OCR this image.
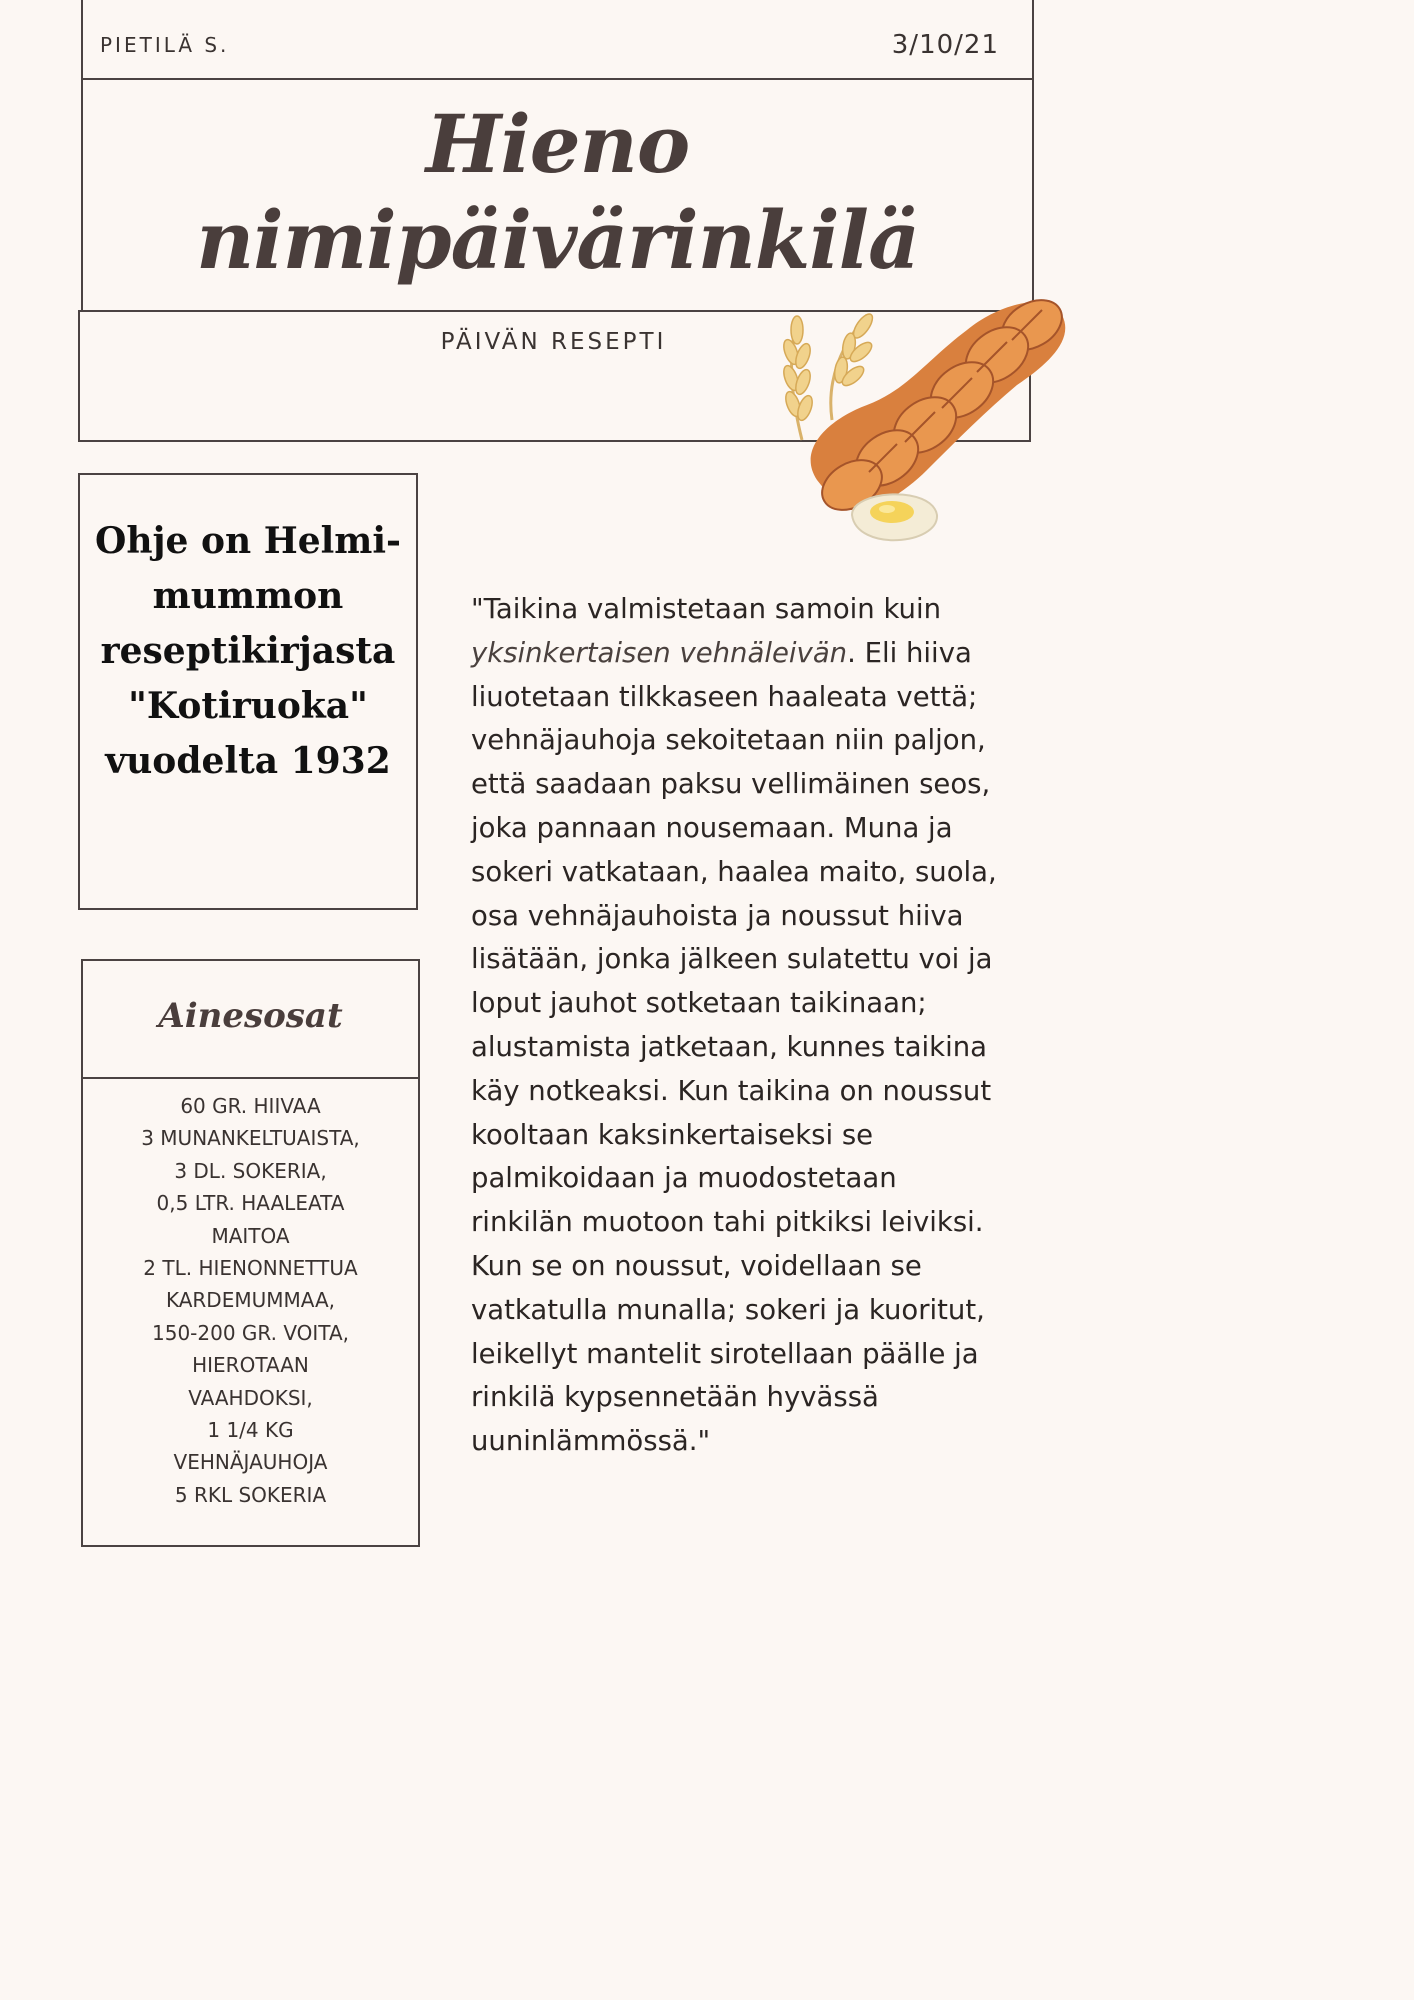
PIETILÄ S.	3/10/21
Hieno
nimipäivärinkilä
PÄIVÄN RESEPTI
Ohje on Helmi-mummon reseptikirjasta "Kotiruoka" vuodelta 1932
Ainesosat
60 GR. HIIVAA
3 MUNANKELTUAISTA,
3 DL. SOKERIA,
0,5 LTR. HAALEATA
MAITOA
2 TL. HIENONNETTUA
KARDEMUMMAA,
150-200 GR. VOITA,
HIEROTAAN
VAAHDOKSI,
1 1/4 KG
VEHNÄJAUHOJA
5 RKL SOKERIA
"Taikina valmistetaan samoin kuin
yksinkertaisen vehnäleivän. Eli hiiva
liuotetaan tilkkaseen haaleata vettä;
vehnäjauhoja sekoitetaan niin paljon,
että saadaan paksu vellimäinen seos,
joka pannaan nousemaan. Muna ja
sokeri vatkataan, haalea maito, suola,
osa vehnäjauhoista ja noussut hiiva
lisätään, jonka jälkeen sulatettu voi ja
loput jauhot sotketaan taikinaan;
alustamista jatketaan, kunnes taikina
käy notkeaksi. Kun taikina on noussut
kooltaan kaksinkertaiseksi se
palmikoidaan ja muodostetaan
rinkilän muotoon tahi pitkiksi leiviksi.
Kun se on noussut, voidellaan se
vatkatulla munalla; sokeri ja kuoritut,
leikellyt mantelit sirotellaan päälle ja
rinkilä kypsennetään hyvässä
uuninlämmössä."
